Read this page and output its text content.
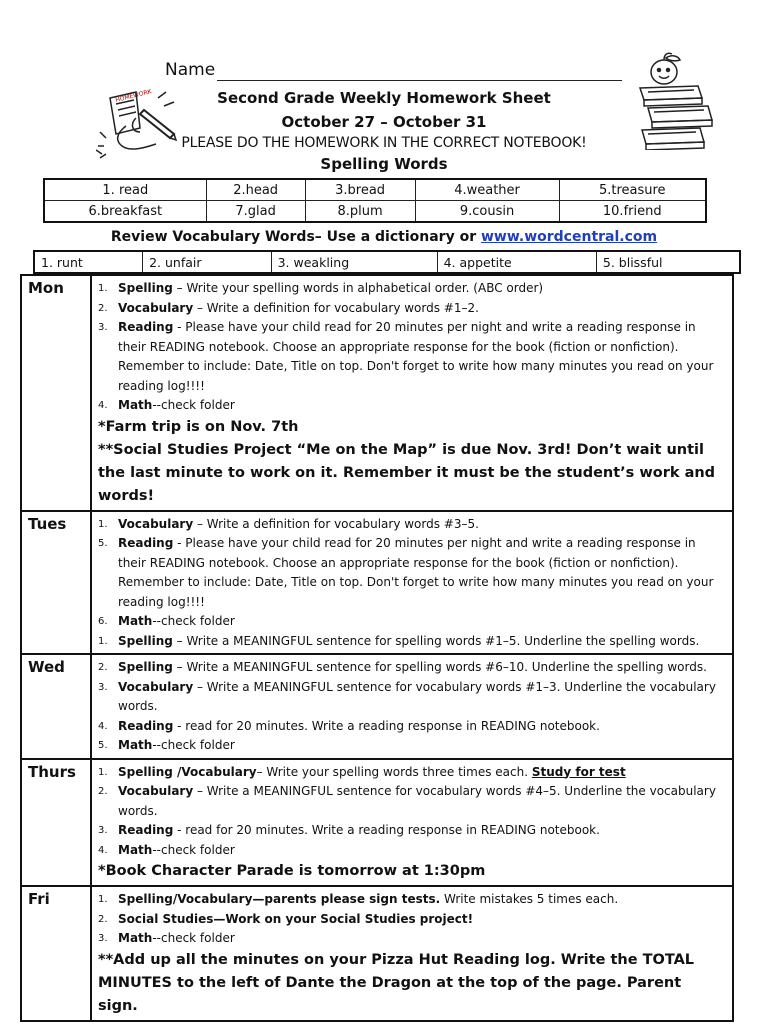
Name
HOMEWORK	Second Grade Weekly Homework Sheet
October 27 – October 31
PLEASE DO THE HOMEWORK IN THE CORRECT NOTEBOOK!
Spelling Words
1. read	2.head	3.bread	4.weather	5.treasure
6.breakfast	7.glad	8.plum	9.cousin	10.friend
Review Vocabulary Words– Use a dictionary or www.wordcentral.com
1. runt	2. unfair	3. weakling	4. appetite	5. blissful
Mon	1. Spelling – Write your spelling words in alphabetical order. (ABC order)
2. Vocabulary – Write a definition for vocabulary words #1–2.
3. Reading - Please have your child read for 20 minutes per night and write a reading response in their READING notebook. Choose an appropriate response for the book (fiction or nonfiction). Remember to include: Date, Title on top. Don't forget to write how many minutes you read on your reading log!!!!
4. Math--check folder
*Farm trip is on Nov. 7th
**Social Studies Project “Me on the Map” is due Nov. 3rd! Don’t wait until the last minute to work on it. Remember it must be the student’s work and words!
Tues	1. Vocabulary – Write a definition for vocabulary words #3–5.
5. Reading - Please have your child read for 20 minutes per night and write a reading response in their READING notebook. Choose an appropriate response for the book (fiction or nonfiction). Remember to include: Date, Title on top. Don't forget to write how many minutes you read on your reading log!!!!
6. Math--check folder
1. Spelling – Write a MEANINGFUL sentence for spelling words #1–5. Underline the spelling words.
Wed	2. Spelling – Write a MEANINGFUL sentence for spelling words #6–10. Underline the spelling words.
3. Vocabulary – Write a MEANINGFUL sentence for vocabulary words #1–3. Underline the vocabulary words.
4. Reading - read for 20 minutes. Write a reading response in READING notebook.
5. Math--check folder
Thurs	1. Spelling /Vocabulary– Write your spelling words three times each. Study for test
2. Vocabulary – Write a MEANINGFUL sentence for vocabulary words #4–5. Underline the vocabulary words.
3. Reading - read for 20 minutes. Write a reading response in READING notebook.
4. Math--check folder
*Book Character Parade is tomorrow at 1:30pm
Fri	1. Spelling/Vocabulary—parents please sign tests. Write mistakes 5 times each.
2. Social Studies—Work on your Social Studies project!
3. Math--check folder
**Add up all the minutes on your Pizza Hut Reading log. Write the TOTAL MINUTES to the left of Dante the Dragon at the top of the page. Parent sign.
